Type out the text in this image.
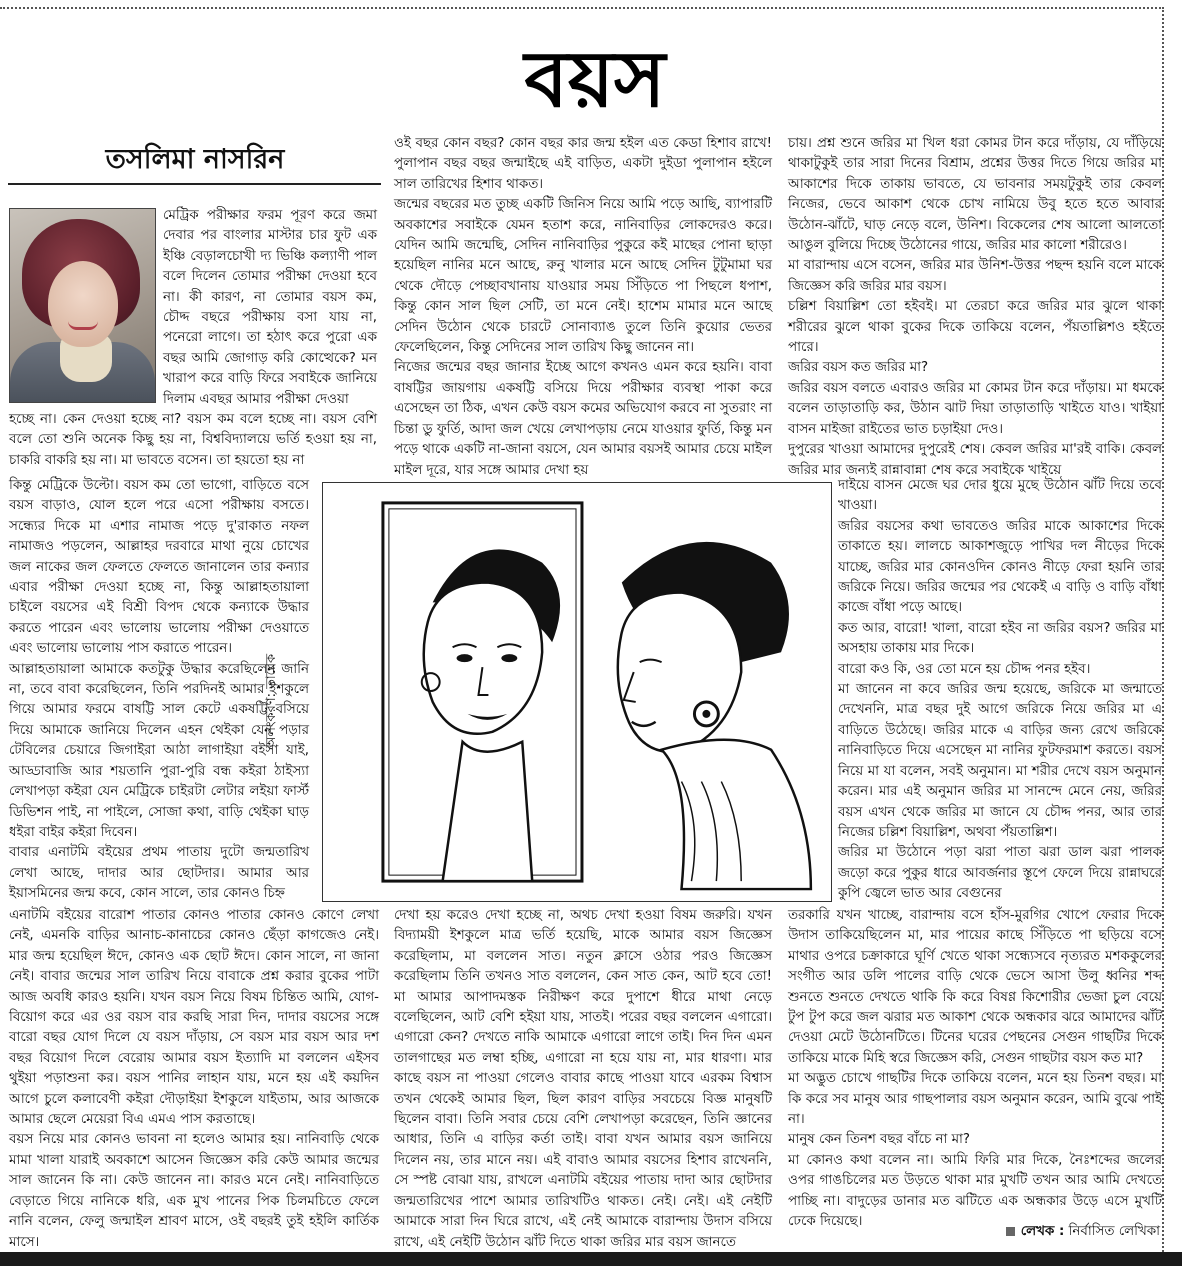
বয়স
তসলিমা নাসরিন

মেট্রিক পরীক্ষার ফরম পূরণ করে জমা দেবার পর বাংলার মাস্টার চার ফুট এক ইঞ্চি বেড়ালচোখী দ্য ভিঞ্চি কল্যাণী পাল বলে দিলেন তোমার পরীক্ষা দেওয়া হবে না। কী কারণ, না তোমার বয়স কম, চৌদ্দ বছরে পরীক্ষায় বসা যায় না, পনেরো লাগে। তা হঠাৎ করে পুরো এক বছর আমি জোগাড় করি কোত্থেকে? মন খারাপ করে বাড়ি ফিরে সবাইকে জানিয়ে দিলাম এবছর আমার পরীক্ষা দেওয়া

হচ্ছে না। কেন দেওয়া হচ্ছে না? বয়স কম বলে হচ্ছে না। বয়স বেশি বলে তো শুনি অনেক কিছু হয় না, বিশ্ববিদ্যালয়ে ভর্তি হওয়া হয় না, চাকরি বাকরি হয় না। মা ভাবতে বসেন। তা হয়তো হয় না

কিন্তু মেট্রিকে উল্টো। বয়স কম তো ভাগো, বাড়িতে বসে বয়স বাড়াও, যোল হলে পরে এসো পরীক্ষায় বসতে। সন্ধ্যের দিকে মা এশার নামাজ পড়ে দু'রাকাত নফল নামাজও পড়লেন, আল্লাহর দরবারে মাথা নুয়ে চোখের জল নাকের জল ফেলতে ফেলতে জানালেন তার কন্যার এবার পরীক্ষা দেওয়া হচ্ছে না, কিন্তু আল্লাহতায়ালা চাইলে বয়সের এই বিশ্রী বিপদ থেকে কন্যাকে উদ্ধার করতে পারেন এবং ভালোয় ভালোয় পরীক্ষা দেওয়াতে এবং ভালোয় ভালোয় পাস করাতে পারেন।

আল্লাহতায়ালা আমাকে কতটুকু উদ্ধার করেছিলেন জানি না, তবে বাবা করেছিলেন, তিনি পরদিনই আমার ইশকুলে গিয়ে আমার ফরমে বাষট্টি সাল কেটে একষট্টি বসিয়ে দিয়ে আমাকে জানিয়ে দিলেন এহন থেইকা যেন পড়ার টেবিলের চেয়ারে জিগাইরা আঠা লাগাইয়া বইসা যাই, আড্ডাবাজি আর শয়তানি পুরা-পুরি বন্ধ কইরা ঠাইস্যা লেখাপড়া কইরা যেন মেট্রিকে চাইরটা লেটার লইয়া ফার্স্ট ডিভিশন পাই, না পাইলে, সোজা কথা, বাড়ি থেইকা ঘাড় ধইরা বাইর কইরা দিবেন।

বাবার এনাটমি বইয়ের প্রথম পাতায় দুটো জন্মতারিখ লেখা আছে, দাদার আর ছোটদার। আমার আর ইয়াসমিনের জন্ম কবে, কোন সালে, তার কোনও চিহ্ন

এনাটমি বইয়ের বারোশ পাতার কোনও পাতার কোনও কোণে লেখা নেই, এমনকি বাড়ির আনাচ-কানাচের কোনও ছেঁড়া কাগজেও নেই। মার জন্ম হয়েছিল ঈদে, কোনও এক ছোট ঈদে। কোন সালে, না জানা নেই। বাবার জন্মের সাল তারিখ নিয়ে বাবাকে প্রশ্ন করার বুকের পাটা আজ অবধি কারও হয়নি। যখন বয়স নিয়ে বিষম চিন্তিত আমি, যোগ-বিয়োগ করে এর ওর বয়স বার করছি সারা দিন, দাদার বয়সের সঙ্গে বারো বছর যোগ দিলে যে বয়স দাঁড়ায়, সে বয়স মার বয়স আর দশ বছর বিয়োগ দিলে বেরোয় আমার বয়স ইত্যাদি মা বললেন এইসব থুইয়া পড়াশুনা কর। বয়স পানির লাহান যায়, মনে হয় এই কয়দিন আগে চুলে কলাবেণী কইরা দৌড়াইয়া ইশকুলে যাইতাম, আর আজকে আমার ছেলে মেয়েরা বিএ এমএ পাস করতাছে।

বয়স নিয়ে মার কোনও ভাবনা না হলেও আমার হয়। নানিবাড়ি থেকে মামা খালা যারাই অবকাশে আসেন জিজ্ঞেস করি কেউ আমার জন্মের সাল জানেন কি না। কেউ জানেন না। কারও মনে নেই। নানিবাড়িতে বেড়াতে গিয়ে নানিকে ধরি, এক মুখ পানের পিক চিলমচিতে ফেলে নানি বলেন, ফেলু জন্মাইল শ্রাবণ মাসে, ওই বছরই তুই হইলি কার্তিক মাসে।

ওই বছর কোন বছর? কোন বছর কার জন্ম হইল এত কেডা হিশাব রাখে! পুলাপান বছর বছর জন্মাইছে এই বাড়িত, একটা দুইডা পুলাপান হইলে সাল তারিখের হিশাব থাকত।

জন্মের বছরের মত তুচ্ছ একটি জিনিস নিয়ে আমি পড়ে আছি, ব্যাপারটি অবকাশের সবাইকে যেমন হতাশ করে, নানিবাড়ির লোকদেরও করে। যেদিন আমি জন্মেছি, সেদিন নানিবাড়ির পুকুরে কই মাছের পোনা ছাড়া হয়েছিল নানির মনে আছে, রুনু খালার মনে আছে সেদিন টুটুমামা ঘর থেকে দৌড়ে পেচ্ছাবখানায় যাওয়ার সময় সিঁড়িতে পা পিছলে ধপাশ, কিন্তু কোন সাল ছিল সেটি, তা মনে নেই। হাশেম মামার মনে আছে সেদিন উঠোন থেকে চারটে সোনাব্যাঙ তুলে তিনি কুয়োর ভেতর ফেলেছিলেন, কিন্তু সেদিনের সাল তারিখ কিছু জানেন না।

নিজের জন্মের বছর জানার ইচ্ছে আগে কখনও এমন করে হয়নি। বাবা বাষট্টির জায়গায় একষট্টি বসিয়ে দিয়ে পরীক্ষার ব্যবস্থা পাকা করে এসেছেন তা ঠিক, এখন কেউ বয়স কমের অভিযোগ করবে না সুতরাং না চিন্তা ডু ফুর্তি, আদা জল খেয়ে লেখাপড়ায় নেমে যাওয়ার ফুর্তি, কিন্তু মন পড়ে থাকে একটি না-জানা বয়সে, যেন আমার বয়সই আমার চেয়ে মাইল মাইল দূরে, যার সঙ্গে আমার দেখা হয়

দেখা হয় করেও দেখা হচ্ছে না, অথচ দেখা হওয়া বিষম জরুরি। যখন বিদ্যাময়ী ইশকুলে মাত্র ভর্তি হয়েছি, মাকে আমার বয়স জিজ্ঞেস করেছিলাম, মা বললেন সাত। নতুন ক্লাসে ওঠার পরও জিজ্ঞেস করেছিলাম তিনি তখনও সাত বললেন, কেন সাত কেন, আট হবে তো! মা আমার আপাদমস্তক নিরীক্ষণ করে দুপাশে ধীরে মাথা নেড়ে বলেছিলেন, আট বেশি হইয়া যায়, সাতই। পরের বছর বললেন এগারো। এগারো কেন? দেখতে নাকি আমাকে এগারো লাগে তাই। দিন দিন এমন তালগাছের মত লম্বা হচ্ছি, এগারো না হয়ে যায় না, মার ধারণা। মার কাছে বয়স না পাওয়া গেলেও বাবার কাছে পাওয়া যাবে এরকম বিশ্বাস তখন থেকেই আমার ছিল, ছিল কারণ বাড়ির সবচেয়ে বিজ্ঞ মানুষটি ছিলেন বাবা। তিনি সবার চেয়ে বেশি লেখাপড়া করেছেন, তিনি জ্ঞানের আধার, তিনি এ বাড়ির কর্তা তাই। বাবা যখন আমার বয়স জানিয়ে দিলেন নয়, তার মানে নয়। এই বাবাও আমার বয়সের হিশাব রাখেননি, সে স্পষ্ট বোঝা যায়, রাখলে এনাটমি বইয়ের পাতায় দাদা আর ছোটদার জন্মতারিখের পাশে আমার তারিখটিও থাকত। নেই। নেই। এই নেইটি আমাকে সারা দিন ঘিরে রাখে, এই নেই আমাকে বারান্দায় উদাস বসিয়ে রাখে, এই নেইটি উঠোন ঝাঁট দিতে থাকা জরির মার বয়স জানতে

চায়। প্রশ্ন শুনে জরির মা খিল ধরা কোমর টান করে দাঁড়ায়, যে দাঁড়িয়ে থাকাটুকুই তার সারা দিনের বিশ্রাম, প্রশ্নের উত্তর দিতে গিয়ে জরির মা আকাশের দিকে তাকায় ভাবতে, যে ভাবনার সময়টুকুই তার কেবল নিজের, ভেবে আকাশ থেকে চোখ নামিয়ে উবু হতে হতে আবার উঠোন-ঝাঁটে, ঘাড় নেড়ে বলে, উনিশ। বিকেলের শেষ আলো আলতো আঙুল বুলিয়ে দিচ্ছে উঠোনের গায়ে, জরির মার কালো শরীরেও।

মা বারান্দায় এসে বসেন, জরির মার উনিশ-উত্তর পছন্দ হয়নি বলে মাকে জিজ্ঞেস করি জরির মার বয়স।

চল্লিশ বিয়াল্লিশ তো হইবই। মা তেরচা করে জরির মার ঝুলে থাকা শরীরের ঝুলে থাকা বুকের দিকে তাকিয়ে বলেন, পঁয়তাল্লিশও হইতে পারে।

জরির বয়স কত জরির মা?

জরির বয়স বলতে এবারও জরির মা কোমর টান করে দাঁড়ায়। মা ধমকে বলেন তাড়াতাড়ি কর, উঠান ঝাট দিয়া তাড়াতাড়ি খাইতে যাও। খাইয়া বাসন মাইজা রাইতের ভাত চড়াইয়া দেও।

দুপুরের খাওয়া আমাদের দুপুরেই শেষ। কেবল জরির মা'রই বাকি। কেবল জরির মার জন্যই রান্নাবান্না শেষ করে সবাইকে খাইয়ে

দাইয়ে বাসন মেজে ঘর দোর ধুয়ে মুছে উঠোন ঝাঁট দিয়ে তবে খাওয়া।

জরির বয়সের কথা ভাবতেও জরির মাকে আকাশের দিকে তাকাতে হয়। লালচে আকাশজুড়ে পাখির দল নীড়ের দিকে যাচ্ছে, জরির মার কোনওদিন কোনও নীড়ে ফেরা হয়নি তার জরিকে নিয়ে। জরির জন্মের পর থেকেই এ বাড়ি ও বাড়ি বাঁধা কাজে বাঁধা পড়ে আছে।

কত আর, বারো! খালা, বারো হইব না জরির বয়স? জরির মা অসহায় তাকায় মার দিকে।

বারো কও কি, ওর তো মনে হয় চৌদ্দ পনর হইব।

মা জানেন না কবে জরির জন্ম হয়েছে, জরিকে মা জন্মাতে দেখেননি, মাত্র বছর দুই আগে জরিকে নিয়ে জরির মা এ বাড়িতে উঠেছে। জরির মাকে এ বাড়ির জন্য রেখে জরিকে নানিবাড়িতে দিয়ে এসেছেন মা নানির ফুটফরমাশ করতে। বয়স নিয়ে মা যা বলেন, সবই অনুমান। মা শরীর দেখে বয়স অনুমান করেন। মার এই অনুমান জরির মা সানন্দে মেনে নেয়, জরির বয়স এখন থেকে জরির মা জানে যে চৌদ্দ পনর, আর তার নিজের চল্লিশ বিয়াল্লিশ, অথবা পঁয়তাল্লিশ।

জরির মা উঠোনে পড়া ঝরা পাতা ঝরা ডাল ঝরা পালক জড়ো করে পুকুর ধারে আবর্জনার স্তূপে ফেলে দিয়ে রান্নাঘরে কুপি জ্বেলে ভাত আর বেগুনের

তরকারি যখন খাচ্ছে, বারান্দায় বসে হাঁস-মুরগির খোপে ফেরার দিকে উদাস তাকিয়েছিলেন মা, মার পায়ের কাছে সিঁড়িতে পা ছড়িয়ে বসে মাথার ওপরে চক্রাকারে ঘূর্ণি খেতে থাকা সন্ধ্যেসবে নৃত্যরত মশককুলের সংগীত আর ডলি পালের বাড়ি থেকে ভেসে আসা উলু ধ্বনির শব্দ শুনতে শুনতে দেখতে থাকি কি করে বিষণ্ণ কিশোরীর ভেজা চুল বেয়ে টুপ টুপ করে জল ঝরার মত আকাশ থেকে অন্ধকার ঝরে আমাদের ঝাঁট দেওয়া মেটে উঠোনটিতে। টিনের ঘরের পেছনের সেগুন গাছটির দিকে তাকিয়ে মাকে মিহি স্বরে জিজ্ঞেস করি, সেগুন গাছটার বয়স কত মা?

মা অদ্ভুত চোখে গাছটির দিকে তাকিয়ে বলেন, মনে হয় তিনশ বছর। মা কি করে সব মানুষ আর গাছপালার বয়স অনুমান করেন, আমি বুঝে পাই না।

মানুষ কেন তিনশ বছর বাঁচে না মা?

মা কোনও কথা বলেন না। আমি ফিরি মার দিকে, নৈঃশব্দের জলের ওপর গাঙচিলের মত উড়তে থাকা মার মুখটি তখন আর আমি দেখতে পাচ্ছি না। বাদুড়ের ডানার মত ঝটিতে এক অন্ধকার উড়ে এসে মুখটি ঢেকে দিয়েছে।

অলংকরণ: তারেক
লেখক : নির্বাসিত লেখিকা
